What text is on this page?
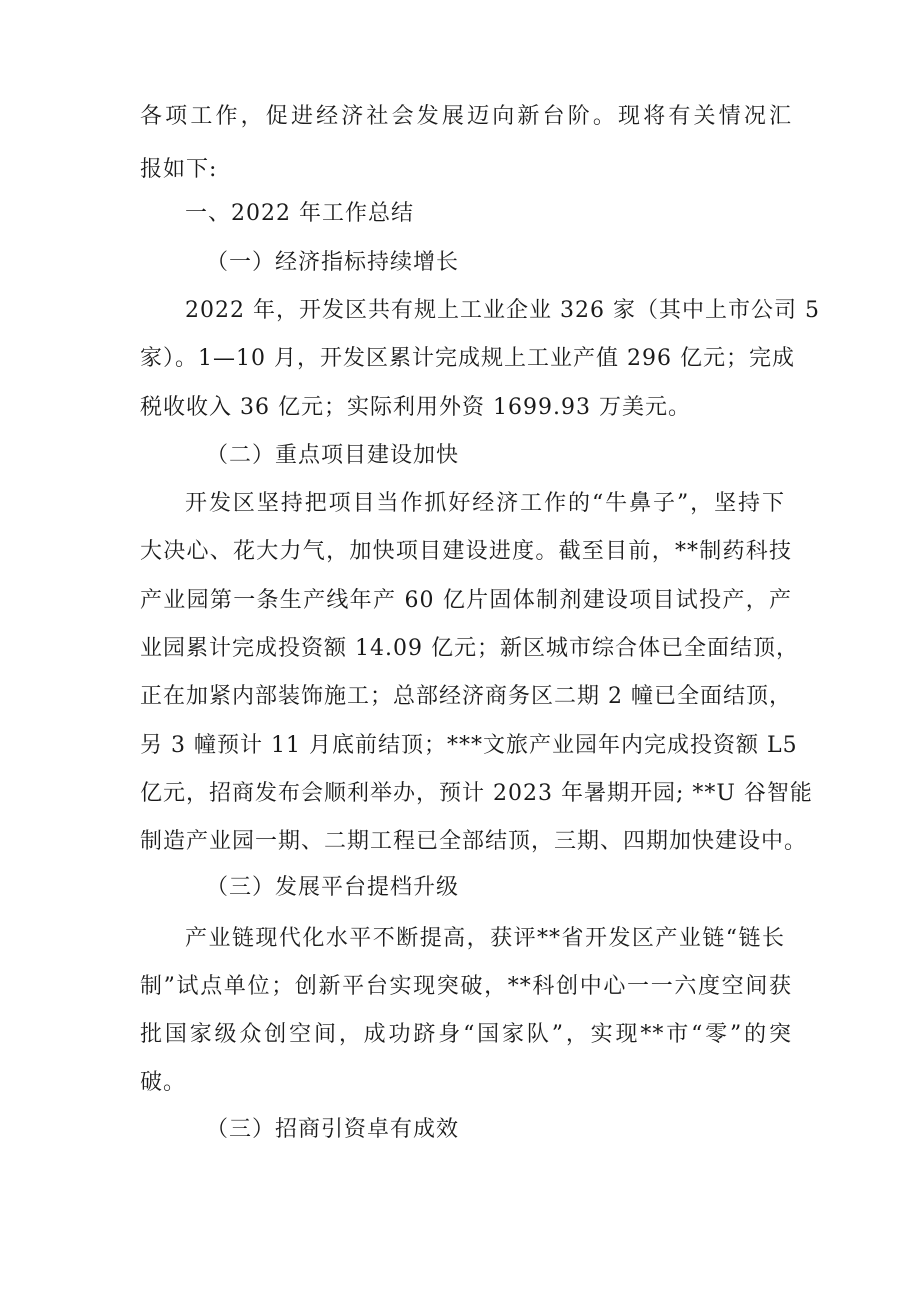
各项工作，促进经济社会发展迈向新台阶。现将有关情况汇
报如下:
一、2022 年工作总结
（一）经济指标持续增长
2022 年，开发区共有规上工业企业 326 家（其中上市公司 5
家）。1—10 月，开发区累计完成规上工业产值 296 亿元；完成
税收收入 36 亿元；实际利用外资 1699.93 万美元。
（二）重点项目建设加快
开发区坚持把项目当作抓好经济工作的“牛鼻子”，坚持下
大决心、花大力气，加快项目建设进度。截至目前，**制药科技
产业园第一条生产线年产 60 亿片固体制剂建设项目试投产，产
业园累计完成投资额 14.09 亿元；新区城市综合体已全面结顶，
正在加紧内部装饰施工；总部经济商务区二期 2 幢已全面结顶，
另 3 幢预计 11 月底前结顶；***文旅产业园年内完成投资额 L5
亿元，招商发布会顺利举办，预计 2023 年暑期开园; **U 谷智能
制造产业园一期、二期工程已全部结顶，三期、四期加快建设中。
（三）发展平台提档升级
产业链现代化水平不断提高，获评**省开发区产业链“链长
制”试点单位；创新平台实现突破，**科创中心一一六度空间获
批国家级众创空间，成功跻身“国家队”，实现**市“零”的突
破。
（三）招商引资卓有成效
